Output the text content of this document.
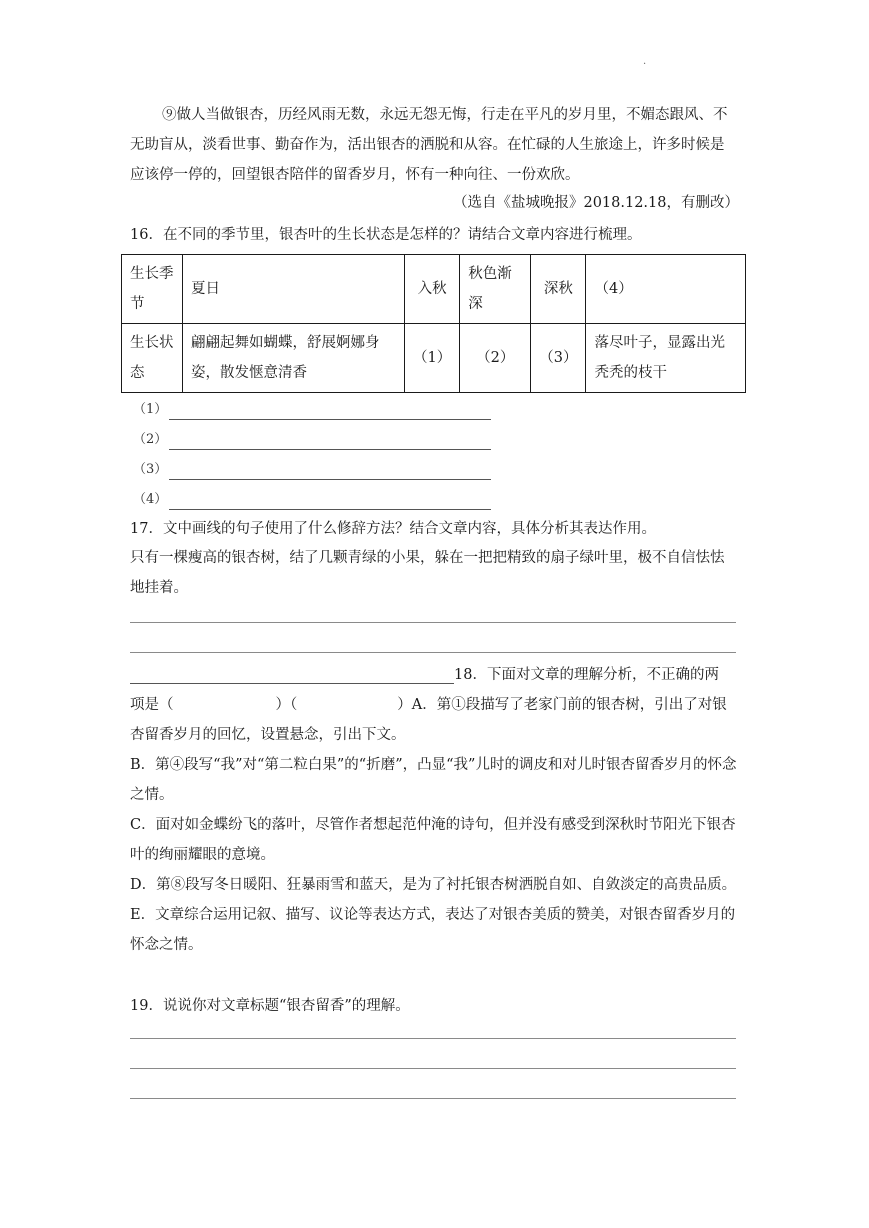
.

⑨做人当做银杏，历经风雨无数，永远无怨无悔，行走在平凡的岁月里，不媚态跟风、不无助盲从，淡看世事、勤奋作为，活出银杏的洒脱和从容。在忙碌的人生旅途上，许多时候是应该停一停的，回望银杏陪伴的留香岁月，怀有一种向往、一份欢欣。

（选自《盐城晚报》2018.12.18，有删改）
16．在不同的季节里，银杏叶的生长状态是怎样的？请结合文章内容进行梳理。
生长季节	夏日	入秋	秋色渐深	深秋	（4）
生长状态	翩翩起舞如蝴蝶，舒展婀娜身姿，散发惬意清香	（1）	（2）	（3）	落尽叶子，显露出光秃秃的枝干
（1）
（2）
（3）
（4）
17．文中画线的句子使用了什么修辞方法？结合文章内容，具体分析其表达作用。

只有一棵瘦高的银杏树，结了几颗青绿的小果，躲在一把把精致的扇子绿叶里，极不自信怯怯地挂着。

18．下面对文章的理解分析，不正确的两
项是（	）（	）A．第①段描写了老家门前的银杏树，引出了对银杏留香岁月的回忆，设置悬念，引出下文。
B．第④段写“我”对“第二粒白果”的“折磨”，凸显“我”儿时的调皮和对儿时银杏留香岁月的怀念之情。
C．面对如金蝶纷飞的落叶，尽管作者想起范仲淹的诗句，但并没有感受到深秋时节阳光下银杏叶的绚丽耀眼的意境。
D．第⑧段写冬日暖阳、狂暴雨雪和蓝天，是为了衬托银杏树洒脱自如、自敛淡定的高贵品质。
E．文章综合运用记叙、描写、议论等表达方式，表达了对银杏美质的赞美，对银杏留香岁月的怀念之情。
19．说说你对文章标题“银杏留香”的理解。
